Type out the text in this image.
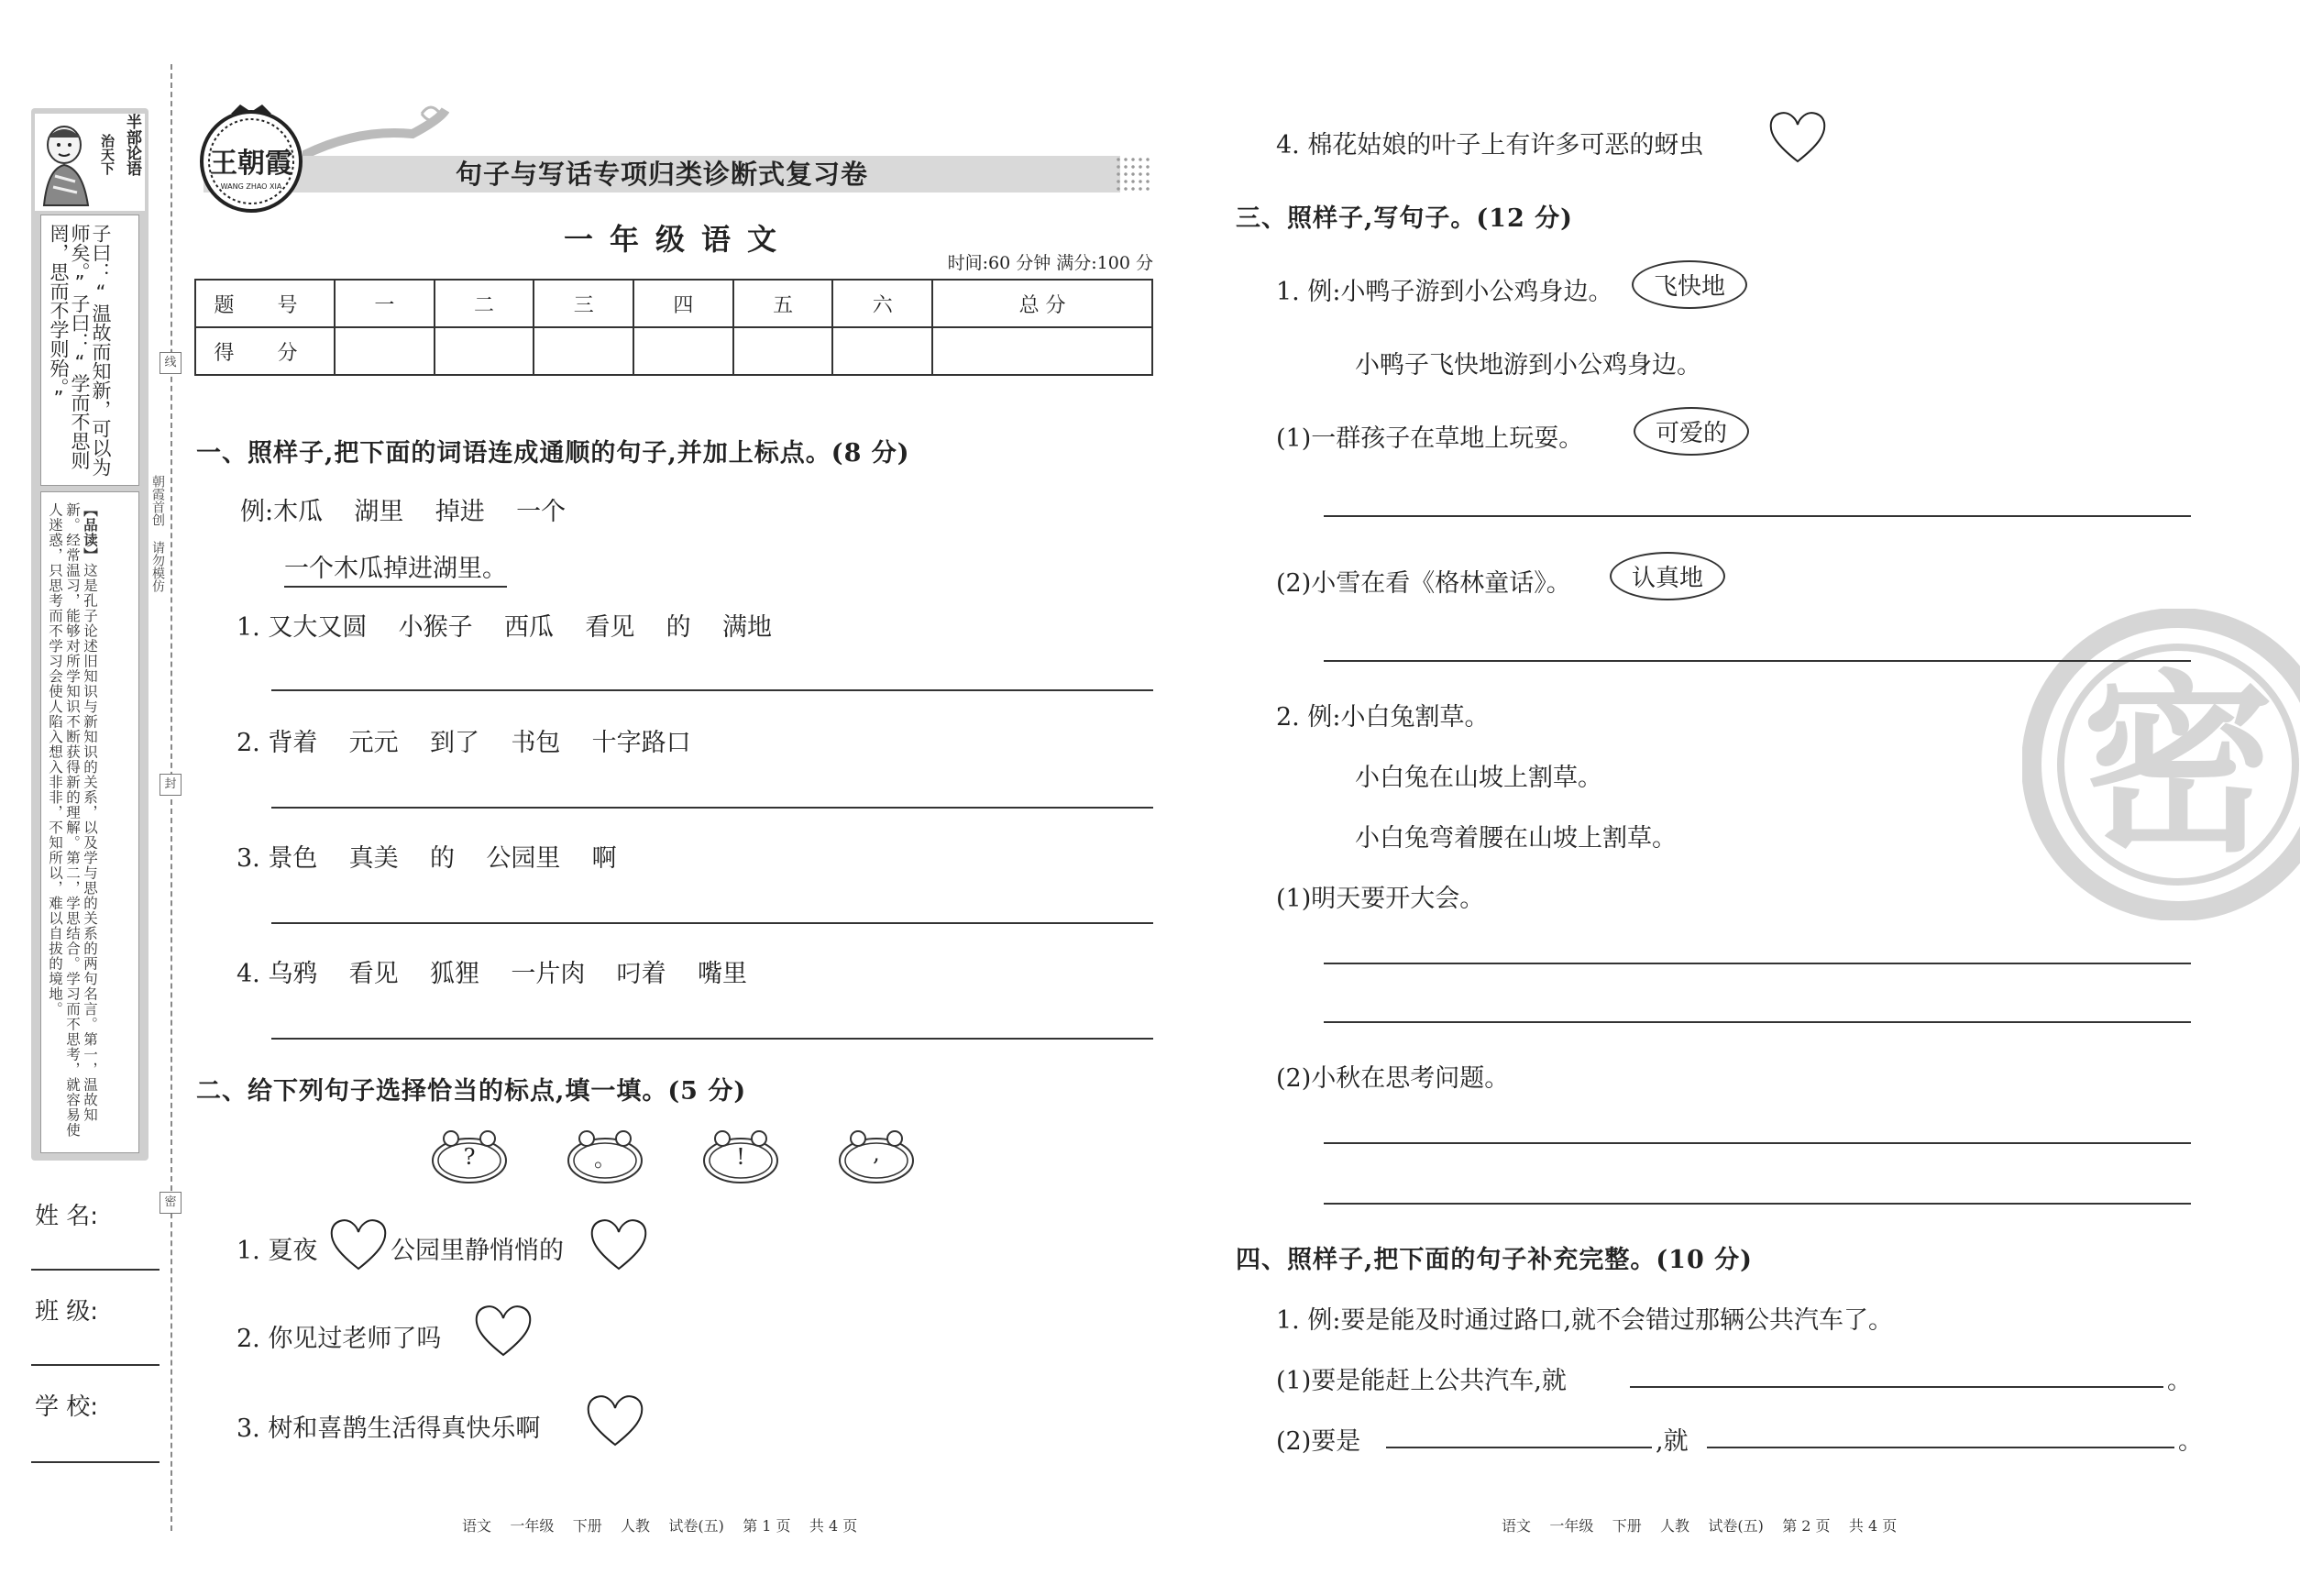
半部论语
治天下
子曰：“温故而知新，可以为师矣。”子曰：“学而不思则罔，思而不学则殆。”
【品读】这是孔子论述旧知识与新知识的关系，以及学与思的关系的两句名言。第一，温故知新。经常温习，能够对所学知识不断获得新的理解。第二，学思结合。学习而不思考，就容易使人迷惑，只思考而不学习会使人陷入想入非非，不知所以，难以自拔的境地。	朝霞首创 请勿模仿
线
封
密
姓 名:
班 级:
学 校:
句子与写话专项归类诊断式复习卷
王朝霞
WANG ZHAO XIA
一年级语文
时间:60 分钟 满分:100 分
题 号	一	二	三	四	五	六	总 分
得 分							
一、照样子,把下面的词语连成通顺的句子,并加上标点。(8 分)
例:木瓜    湖里    掉进    一个
一个木瓜掉进湖里。
1. 又大又圆    小猴子    西瓜    看见    的    满地
2. 背着    元元    到了    书包    十字路口
3. 景色    真美    的    公园里    啊
4. 乌鸦    看见    狐狸    一片肉    叼着    嘴里
二、给下列句子选择恰当的标点,填一填。(5 分)
?	。	!	,
1. 夏夜	公园里静悄悄的
2. 你见过老师了吗
3. 树和喜鹊生活得真快乐啊
语文    一年级    下册    人教    试卷(五)    第 1 页    共 4 页
4. 棉花姑娘的叶子上有许多可恶的蚜虫
密
三、照样子,写句子。(12 分)
1. 例:小鸭子游到小公鸡身边。	飞快地
小鸭子飞快地游到小公鸡身边。
(1)一群孩子在草地上玩耍。	可爱的
(2)小雪在看《格林童话》。	认真地
2. 例:小白兔割草。
小白兔在山坡上割草。
小白兔弯着腰在山坡上割草。
(1)明天要开大会。
(2)小秋在思考问题。
四、照样子,把下面的句子补充完整。(10 分)
1. 例:要是能及时通过路口,就不会错过那辆公共汽车了。
(1)要是能赶上公共汽车,就	。
(2)要是	,就	。
语文    一年级    下册    人教    试卷(五)    第 2 页    共 4 页
